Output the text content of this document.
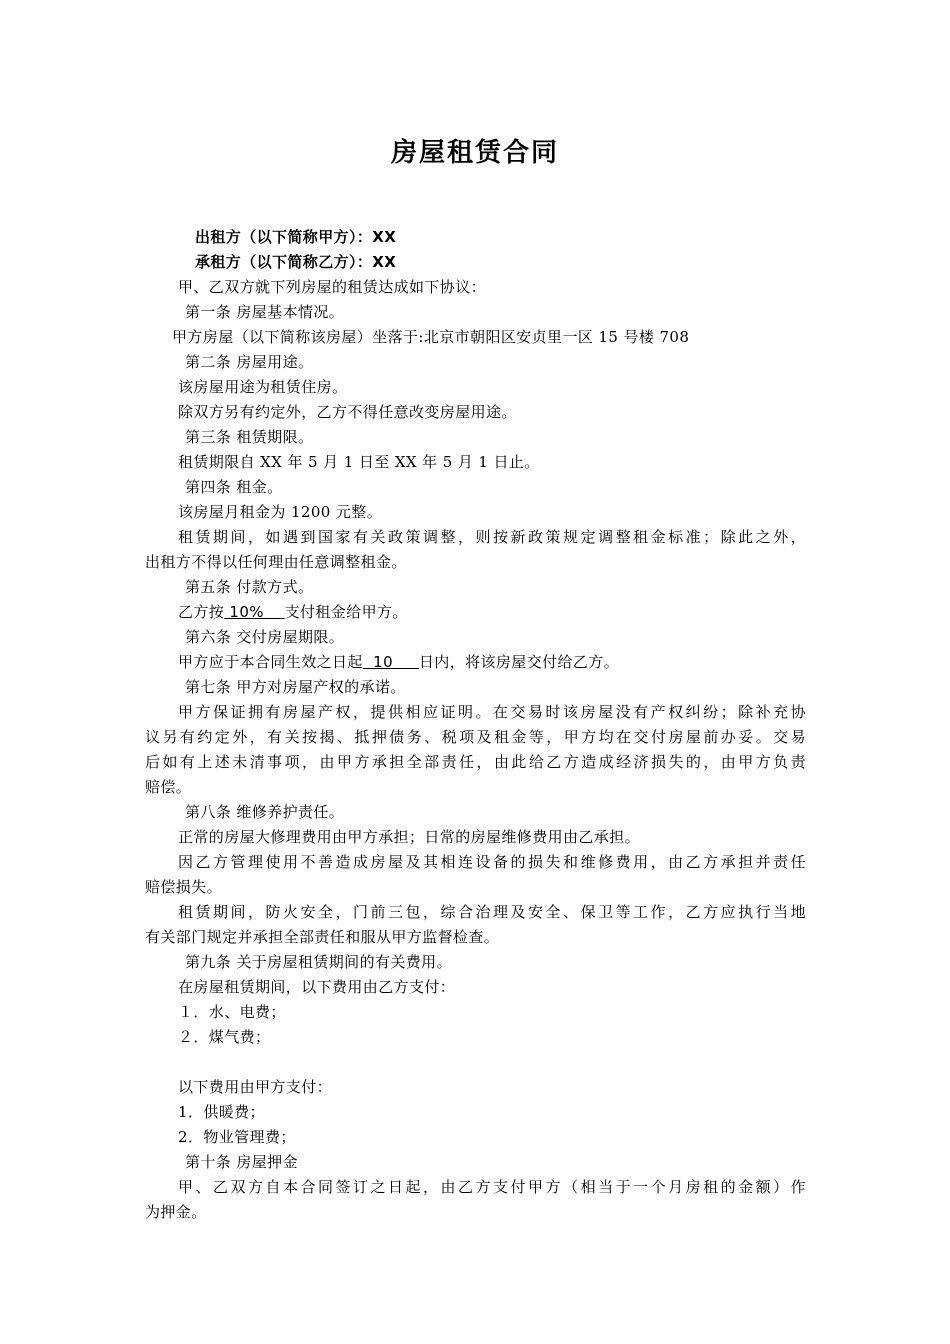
房屋租赁合同
出租方（以下简称甲方）：XX
承租方（以下简称乙方）：XX
甲、乙双方就下列房屋的租赁达成如下协议：
第一条 房屋基本情况。
甲方房屋（以下简称该房屋）坐落于:北京市朝阳区安贞里一区 15 号楼 708
第二条 房屋用途。
该房屋用途为租赁住房。
除双方另有约定外，乙方不得任意改变房屋用途。
第三条 租赁期限。
租赁期限自 XX 年 5 月 1 日至 XX 年 5 月 1 日止。
第四条 租金。
该房屋月租金为 1200 元整。
租赁期间，如遇到国家有关政策调整，则按新政策规定调整租金标准；除此之外，
出租方不得以任何理由任意调整租金。
第五条 付款方式。
乙方按 10%    支付租金给甲方。
第六条 交付房屋期限。
甲方应于本合同生效之日起  10     日内，将该房屋交付给乙方。
第七条 甲方对房屋产权的承诺。
甲方保证拥有房屋产权，提供相应证明。在交易时该房屋没有产权纠纷；除补充协
议另有约定外，有关按揭、抵押债务、税项及租金等，甲方均在交付房屋前办妥。交易
后如有上述未清事项，由甲方承担全部责任，由此给乙方造成经济损失的，由甲方负责
赔偿。
第八条 维修养护责任。
正常的房屋大修理费用由甲方承担；日常的房屋维修费用由乙承担。
因乙方管理使用不善造成房屋及其相连设备的损失和维修费用，由乙方承担并责任
赔偿损失。
租赁期间，防火安全，门前三包，综合治理及安全、保卫等工作，乙方应执行当地
有关部门规定并承担全部责任和服从甲方监督检查。
第九条 关于房屋租赁期间的有关费用。
在房屋租赁期间，以下费用由乙方支付：
１．水、电费；
２．煤气费；
以下费用由甲方支付：
1．供暖费；
2．物业管理费；
第十条 房屋押金
甲、乙双方自本合同签订之日起，由乙方支付甲方（相当于一个月房租的金额）作
为押金。
